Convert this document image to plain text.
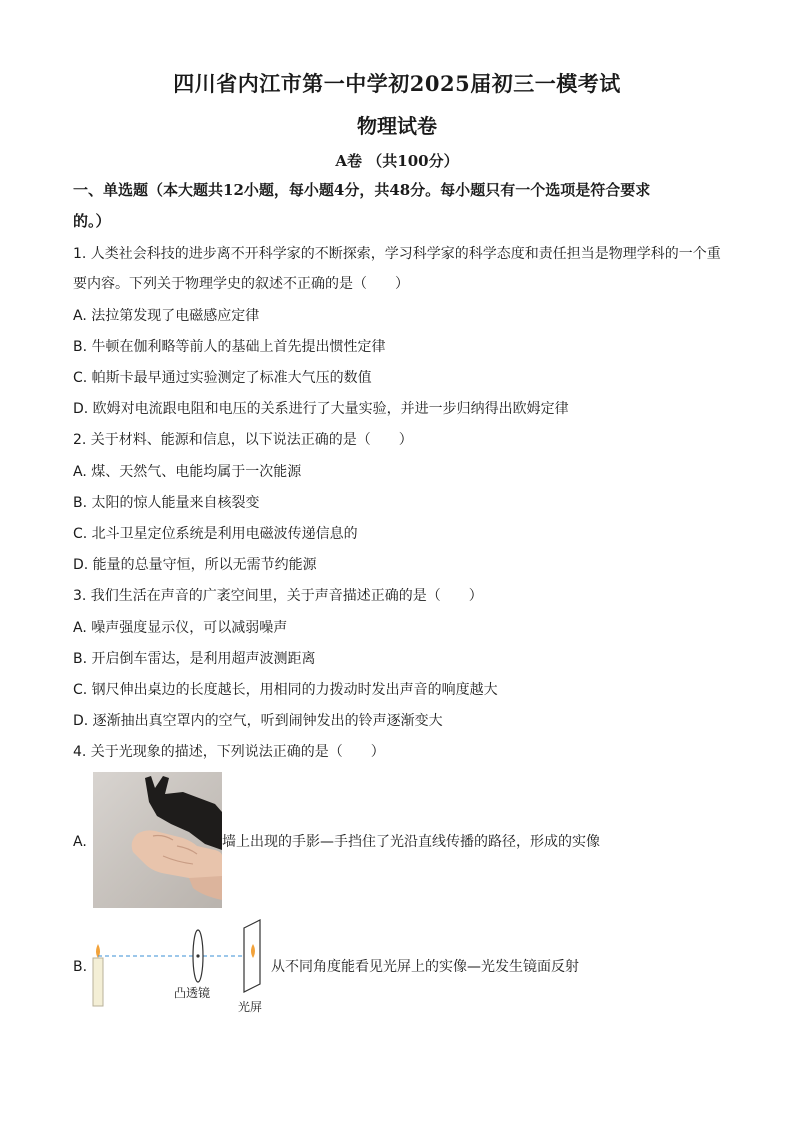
四川省内江市第一中学初2025届初三一模考试
物理试卷
A卷 （共100分）
一、单选题（本大题共12小题，每小题4分，共48分。每小题只有一个选项是符合要求
的。）
1. 人类社会科技的进步离不开科学家的不断探索，学习科学家的科学态度和责任担当是物理学科的一个重
要内容。下列关于物理学史的叙述不正确的是（　　）
A. 法拉第发现了电磁感应定律
B. 牛顿在伽利略等前人的基础上首先提出惯性定律
C. 帕斯卡最早通过实验测定了标准大气压的数值
D. 欧姆对电流跟电阻和电压的关系进行了大量实验，并进一步归纳得出欧姆定律
2. 关于材料、能源和信息，以下说法正确的是（　　）
A. 煤、天然气、电能均属于一次能源
B. 太阳的惊人能量来自核裂变
C. 北斗卫星定位系统是利用电磁波传递信息的
D. 能量的总量守恒，所以无需节约能源
3. 我们生活在声音的广袤空间里，关于声音描述正确的是（　　）
A. 噪声强度显示仪，可以减弱噪声
B. 开启倒车雷达，是利用超声波测距离
C. 钢尺伸出桌边的长度越长，用相同的力拨动时发出声音的响度越大
D. 逐渐抽出真空罩内的空气，听到闹钟发出的铃声逐渐变大
4. 关于光现象的描述，下列说法正确的是（　　）
A.	墙上出现的手影—手挡住了光沿直线传播的路径，形成的实像
B.
凸透镜
光屏
从不同角度能看见光屏上的实像—光发生镜面反射
